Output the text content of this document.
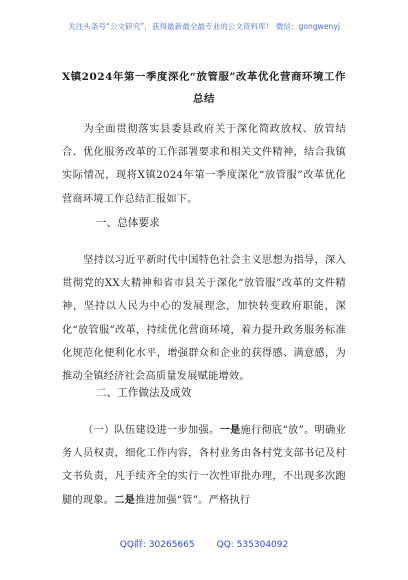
关注头条号“公文研究”，获得最新最全最专业的公文资料库！ 微信：gongwenyj
X镇2024年第一季度深化“放管服”改革优化营商环境工作总结
为全面贯彻落实县委县政府关于深化简政放权、放管结合、优化服务改革的工作部署要求和相关文件精神，结合我镇实际情况，现将X镇2024年第一季度深化“放管服”改革优化营商环境工作总结汇报如下。
一、总体要求
坚持以习近平新时代中国特色社会主义思想为指导，深入贯彻党的XX大精神和省市县关于深化“放管服”改革的文件精神，坚持以人民为中心的发展理念，加快转变政府职能，深化“放管服”改革，持续优化营商环境，着力提升政务服务标准化规范化便利化水平，增强群众和企业的获得感、满意感，为推动全镇经济社会高质量发展赋能增效。
二、工作做法及成效
（一）队伍建设进一步加强。一是施行彻底“放”。明确业务人员权责，细化工作内容，各村业务由各村党支部书记及村文书负责，凡手续齐全的实行一次性审批办理，不出现多次跑腿的现象。二是推进加强“管”。严格执行
QQ群: 30265665 QQ: 535304092
